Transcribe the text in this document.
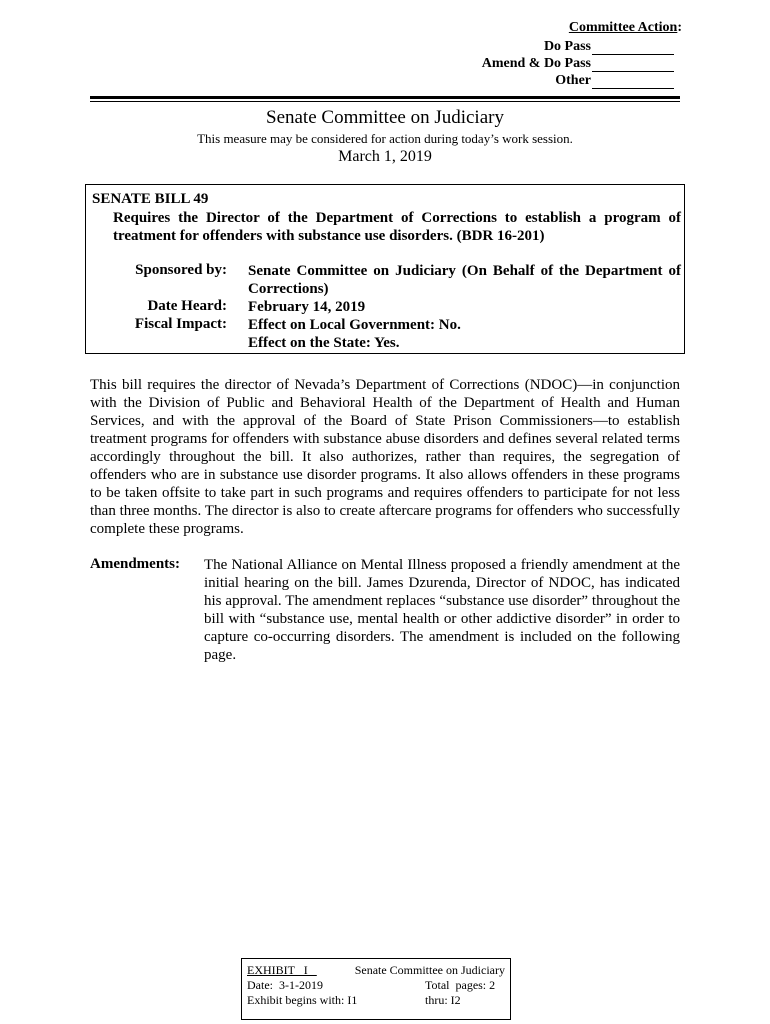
Committee Action:
Do Pass
Amend & Do Pass
Other
Senate Committee on Judiciary
This measure may be considered for action during today’s work session.
March 1, 2019
SENATE BILL 49
Requires the Director of the Department of Corrections to establish a program of treatment for offenders with substance use disorders. (BDR 16-201)
Sponsored by: Senate Committee on Judiciary (On Behalf of the Department of Corrections)
Date Heard: February 14, 2019
Fiscal Impact: Effect on Local Government: No.
Effect on the State: Yes.
This bill requires the director of Nevada’s Department of Corrections (NDOC)—in conjunction with the Division of Public and Behavioral Health of the Department of Health and Human Services, and with the approval of the Board of State Prison Commissioners—to establish treatment programs for offenders with substance abuse disorders and defines several related terms accordingly throughout the bill. It also authorizes, rather than requires, the segregation of offenders who are in substance use disorder programs. It also allows offenders in these programs to be taken offsite to take part in such programs and requires offenders to participate for not less than three months. The director is also to create aftercare programs for offenders who successfully complete these programs.
Amendments: The National Alliance on Mental Illness proposed a friendly amendment at the initial hearing on the bill. James Dzurenda, Director of NDOC, has indicated his approval. The amendment replaces “substance use disorder” throughout the bill with “substance use, mental health or other addictive disorder” in order to capture co-occurring disorders. The amendment is included on the following page.
EXHIBIT   I	Senate Committee on Judiciary
Date:  3-1-2019	Total  pages: 2
Exhibit begins with: I1	thru: I2
